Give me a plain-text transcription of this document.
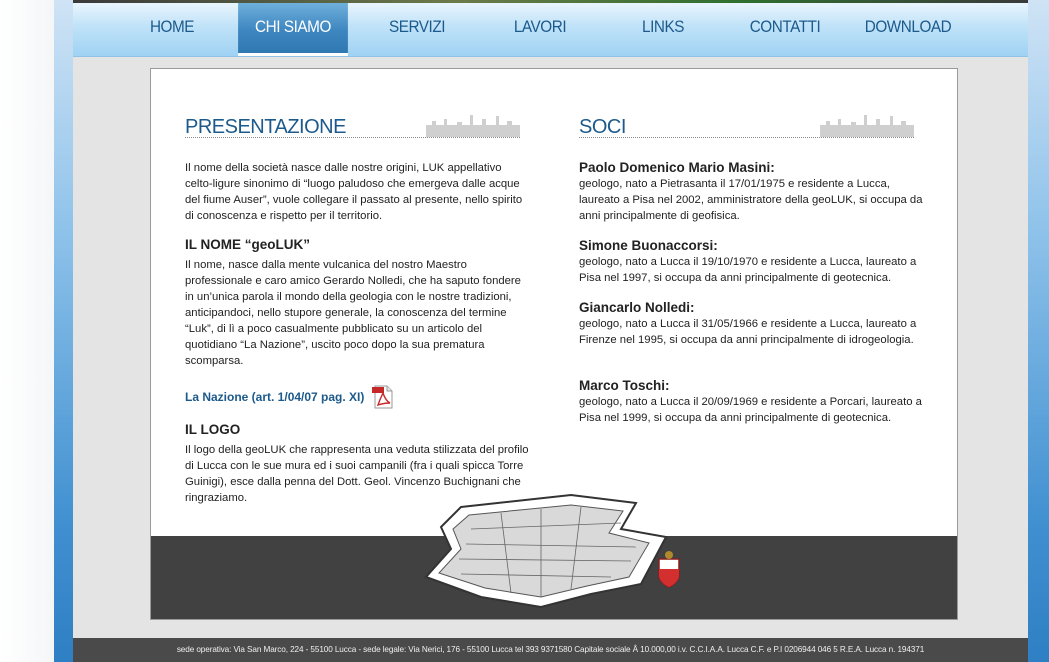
HOME	CHI SIAMO	SERVIZI	LAVORI	LINKS	CONTATTI	DOWNLOAD
PRESENTAZIONE

Il nome della società nasce dalle nostre origini, LUK appellativo celto-ligure sinonimo di “luogo paludoso che emergeva dalle acque del fiume Auser”, vuole collegare il passato al presente, nello spirito di conoscenza e rispetto per il territorio.

IL NOME “geoLUK”

Il nome, nasce dalla mente vulcanica del nostro Maestro professionale e caro amico Gerardo Nolledi, che ha saputo fondere in un’unica parola il mondo della geologia con le nostre tradizioni, anticipandoci, nello stupore generale, la conoscenza del termine “Luk”, di lì a poco casualmente pubblicato su un articolo del quotidiano “La Nazione”, uscito poco dopo la sua prematura scomparsa.

La Nazione (art. 1/04/07 pag. XI)
IL LOGO

Il logo della geoLUK che rappresenta una veduta stilizzata del profilo di Lucca con le sue mura ed i suoi campanili (fra i quali spicca Torre Guinigi), esce dalla penna del Dott. Geol. Vincenzo Buchignani che ringraziamo.

SOCI
Paolo Domenico Mario Masini:

geologo, nato a Pietrasanta il 17/01/1975 e residente a Lucca, laureato a Pisa nel 2002, amministratore della geoLUK, si occupa da anni principalmente di geofisica.

Simone Buonaccorsi:

geologo, nato a Lucca il 19/10/1970 e residente a Lucca, laureato a Pisa nel 1997, si occupa da anni principalmente di geotecnica.

Giancarlo Nolledi:

geologo, nato a Lucca il 31/05/1966 e residente a Lucca, laureato a Firenze nel 1995, si occupa da anni principalmente di idrogeologia.

Marco Toschi:

geologo, nato a Lucca il 20/09/1969 e residente a Porcari, laureato a Pisa nel 1999, si occupa da anni principalmente di geotecnica.

sede operativa: Via San Marco, 224 - 55100 Lucca - sede legale: Via Nerici, 176 - 55100 Lucca tel 393 9371580 Capitale sociale Â 10.000,00 i.v. C.C.I.A.A. Lucca C.F. e P.I 0206944 046 5 R.E.A. Lucca n. 194371
